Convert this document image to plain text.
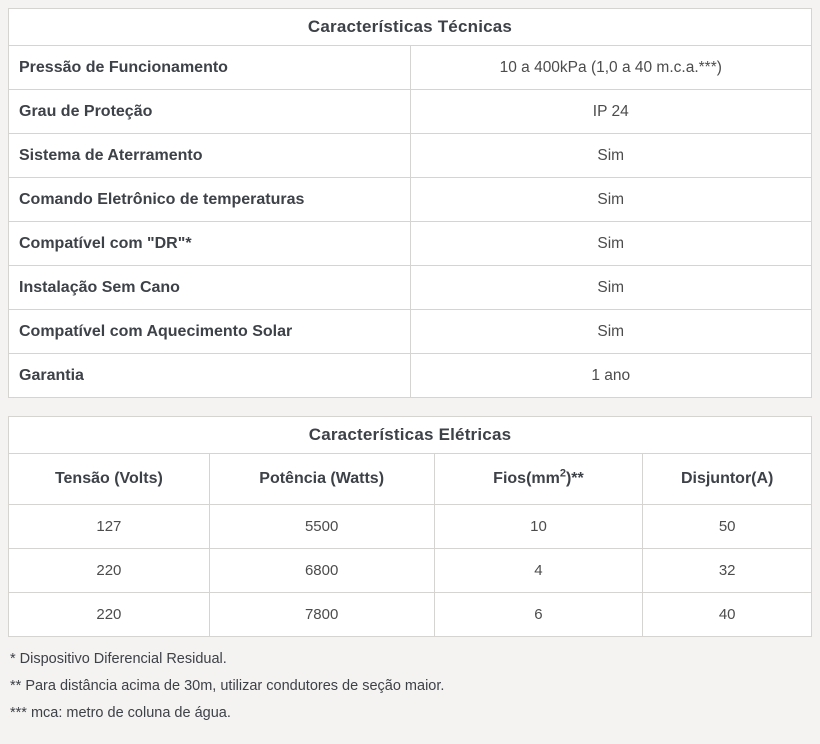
Características Técnicas	
Pressão de Funcionamento	10 a 400kPa (1,0 a 40 m.c.a.***)
Grau de Proteção	IP 24
Sistema de Aterramento	Sim
Comando Eletrônico de temperaturas	Sim
Compatível com "DR"*	Sim
Instalação Sem Cano	Sim
Compatível com Aquecimento Solar	Sim
Garantia	1 ano
Características Elétricas			
Tensão (Volts)	Potência (Watts)	$Fios(mm^2)**$	Disjuntor(A)
127	5500	10	50
220	6800	4	32
220	7800	6	40
* Dispositivo Diferencial Residual.
** Para distância acima de 30m, utilizar condutores de seção maior.
*** mca: metro de coluna de água.
